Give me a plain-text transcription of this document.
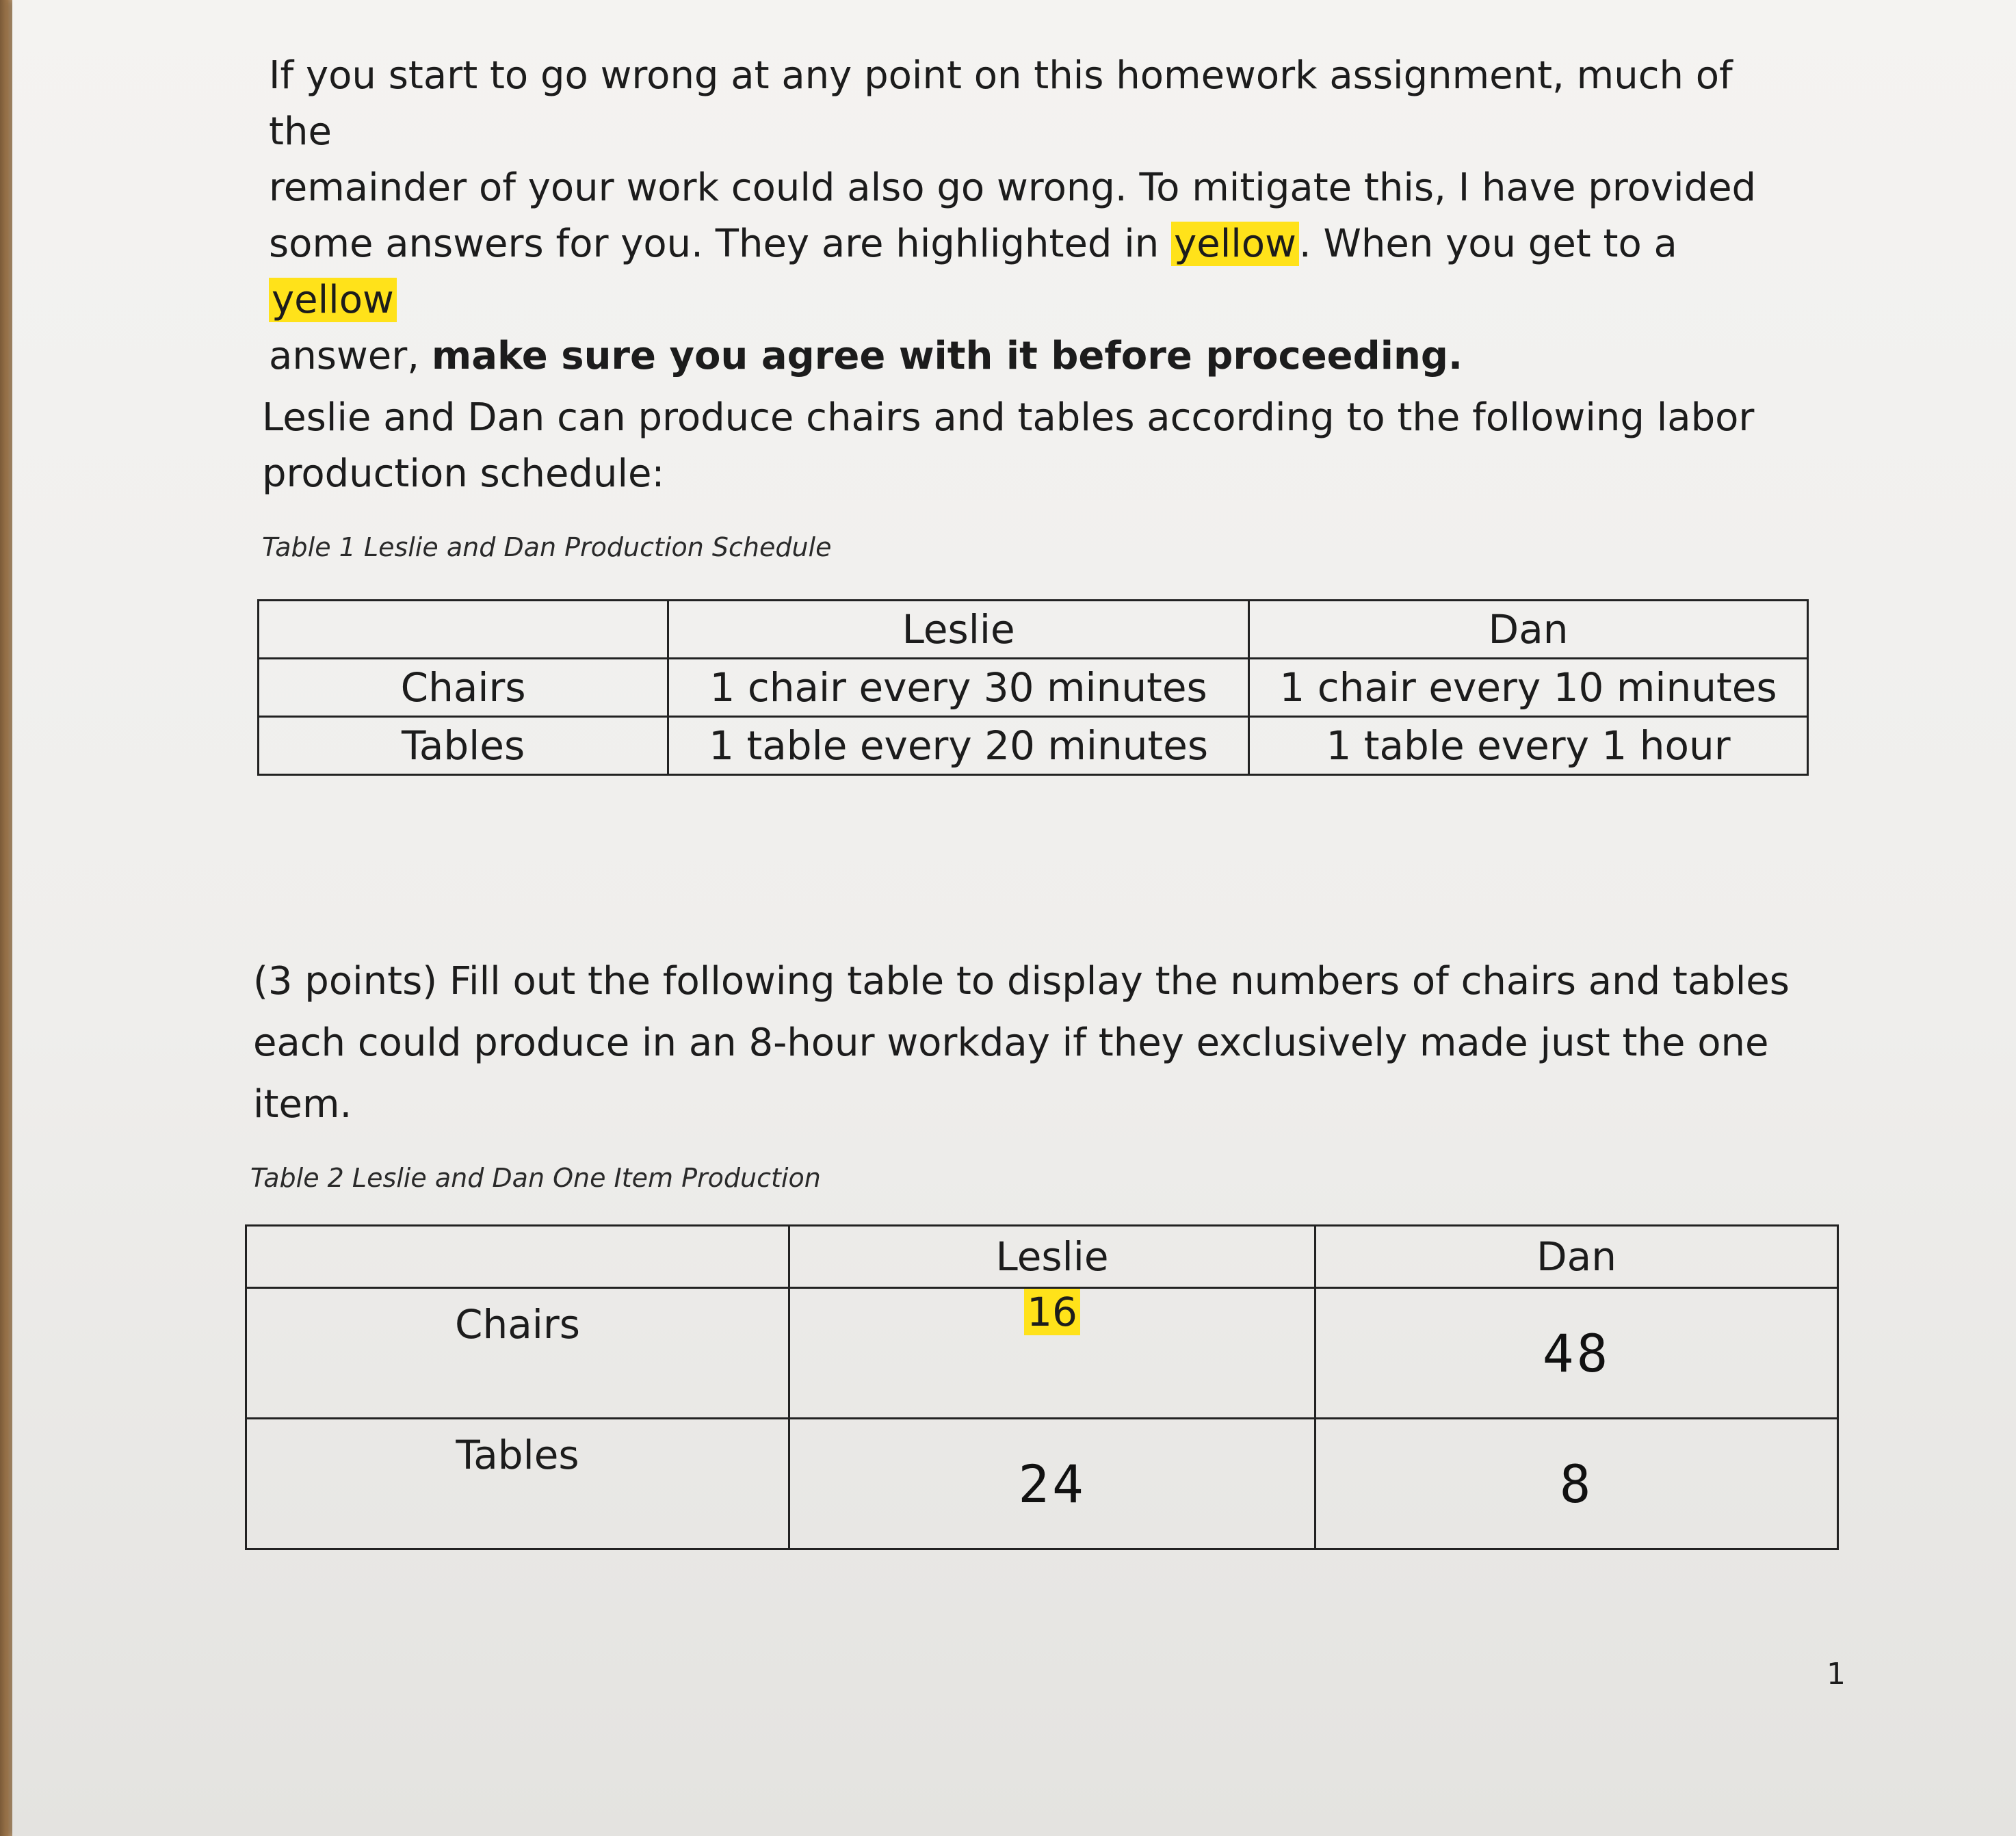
If you start to go wrong at any point on this homework assignment, much of the
remainder of your work could also go wrong. To mitigate this, I have provided
some answers for you. They are highlighted in yellow. When you get to a yellow
answer, make sure you agree with it before proceeding.
Leslie and Dan can produce chairs and tables according to the following labor
production schedule:

Table 1 Leslie and Dan Production Schedule

	Leslie	Dan
Chairs	1 chair every 30 minutes	1 chair every 10 minutes
Tables	1 table every 20 minutes	1 table every 1 hour
(3 points) Fill out the following table to display the numbers of chairs and tables
each could produce in an 8-hour workday if they exclusively made just the one
item.

Table 2 Leslie and Dan One Item Production

	Leslie	Dan
Chairs	16	48
Tables	24	8

1
